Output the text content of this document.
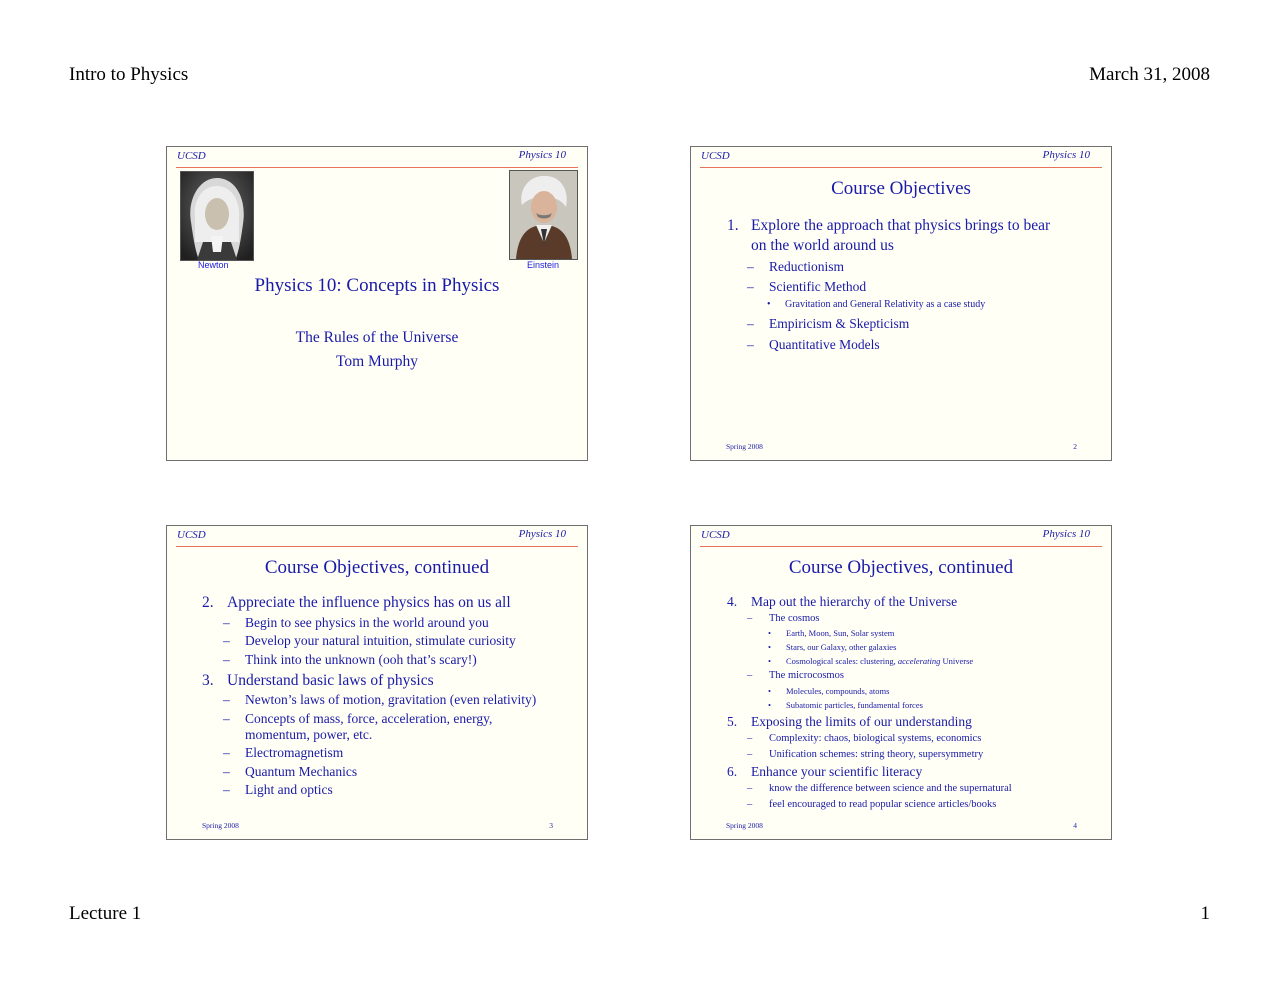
Intro to Physics	March 31, 2008
UCSD	Physics 10
Newton	Einstein
Physics 10: Concepts in Physics
The Rules of the Universe
Tom Murphy
UCSD	Physics 10
Course Objectives
1. Explore the approach that physics brings to bear
on the world around us
– Reductionism
– Scientific Method
• Gravitation and General Relativity as a case study
– Empiricism & Skepticism
– Quantitative Models
Spring 2008	2
UCSD	Physics 10
Course Objectives, continued
2. Appreciate the influence physics has on us all
– Begin to see physics in the world around you
– Develop your natural intuition, stimulate curiosity
– Think into the unknown (ooh that’s scary!)
3. Understand basic laws of physics
– Newton’s laws of motion, gravitation (even relativity)
– Concepts of mass, force, acceleration, energy,
momentum, power, etc.
– Electromagnetism
– Quantum Mechanics
– Light and optics
Spring 2008	3
UCSD	Physics 10
Course Objectives, continued
4. Map out the hierarchy of the Universe
– The cosmos
• Earth, Moon, Sun, Solar system
• Stars, our Galaxy, other galaxies
• Cosmological scales: clustering, accelerating Universe
– The microcosmos
• Molecules, compounds, atoms
• Subatomic particles, fundamental forces
5. Exposing the limits of our understanding
– Complexity: chaos, biological systems, economics
– Unification schemes: string theory, supersymmetry
6. Enhance your scientific literacy
– know the difference between science and the supernatural
– feel encouraged to read popular science articles/books
Spring 2008	4
Lecture 1	1
